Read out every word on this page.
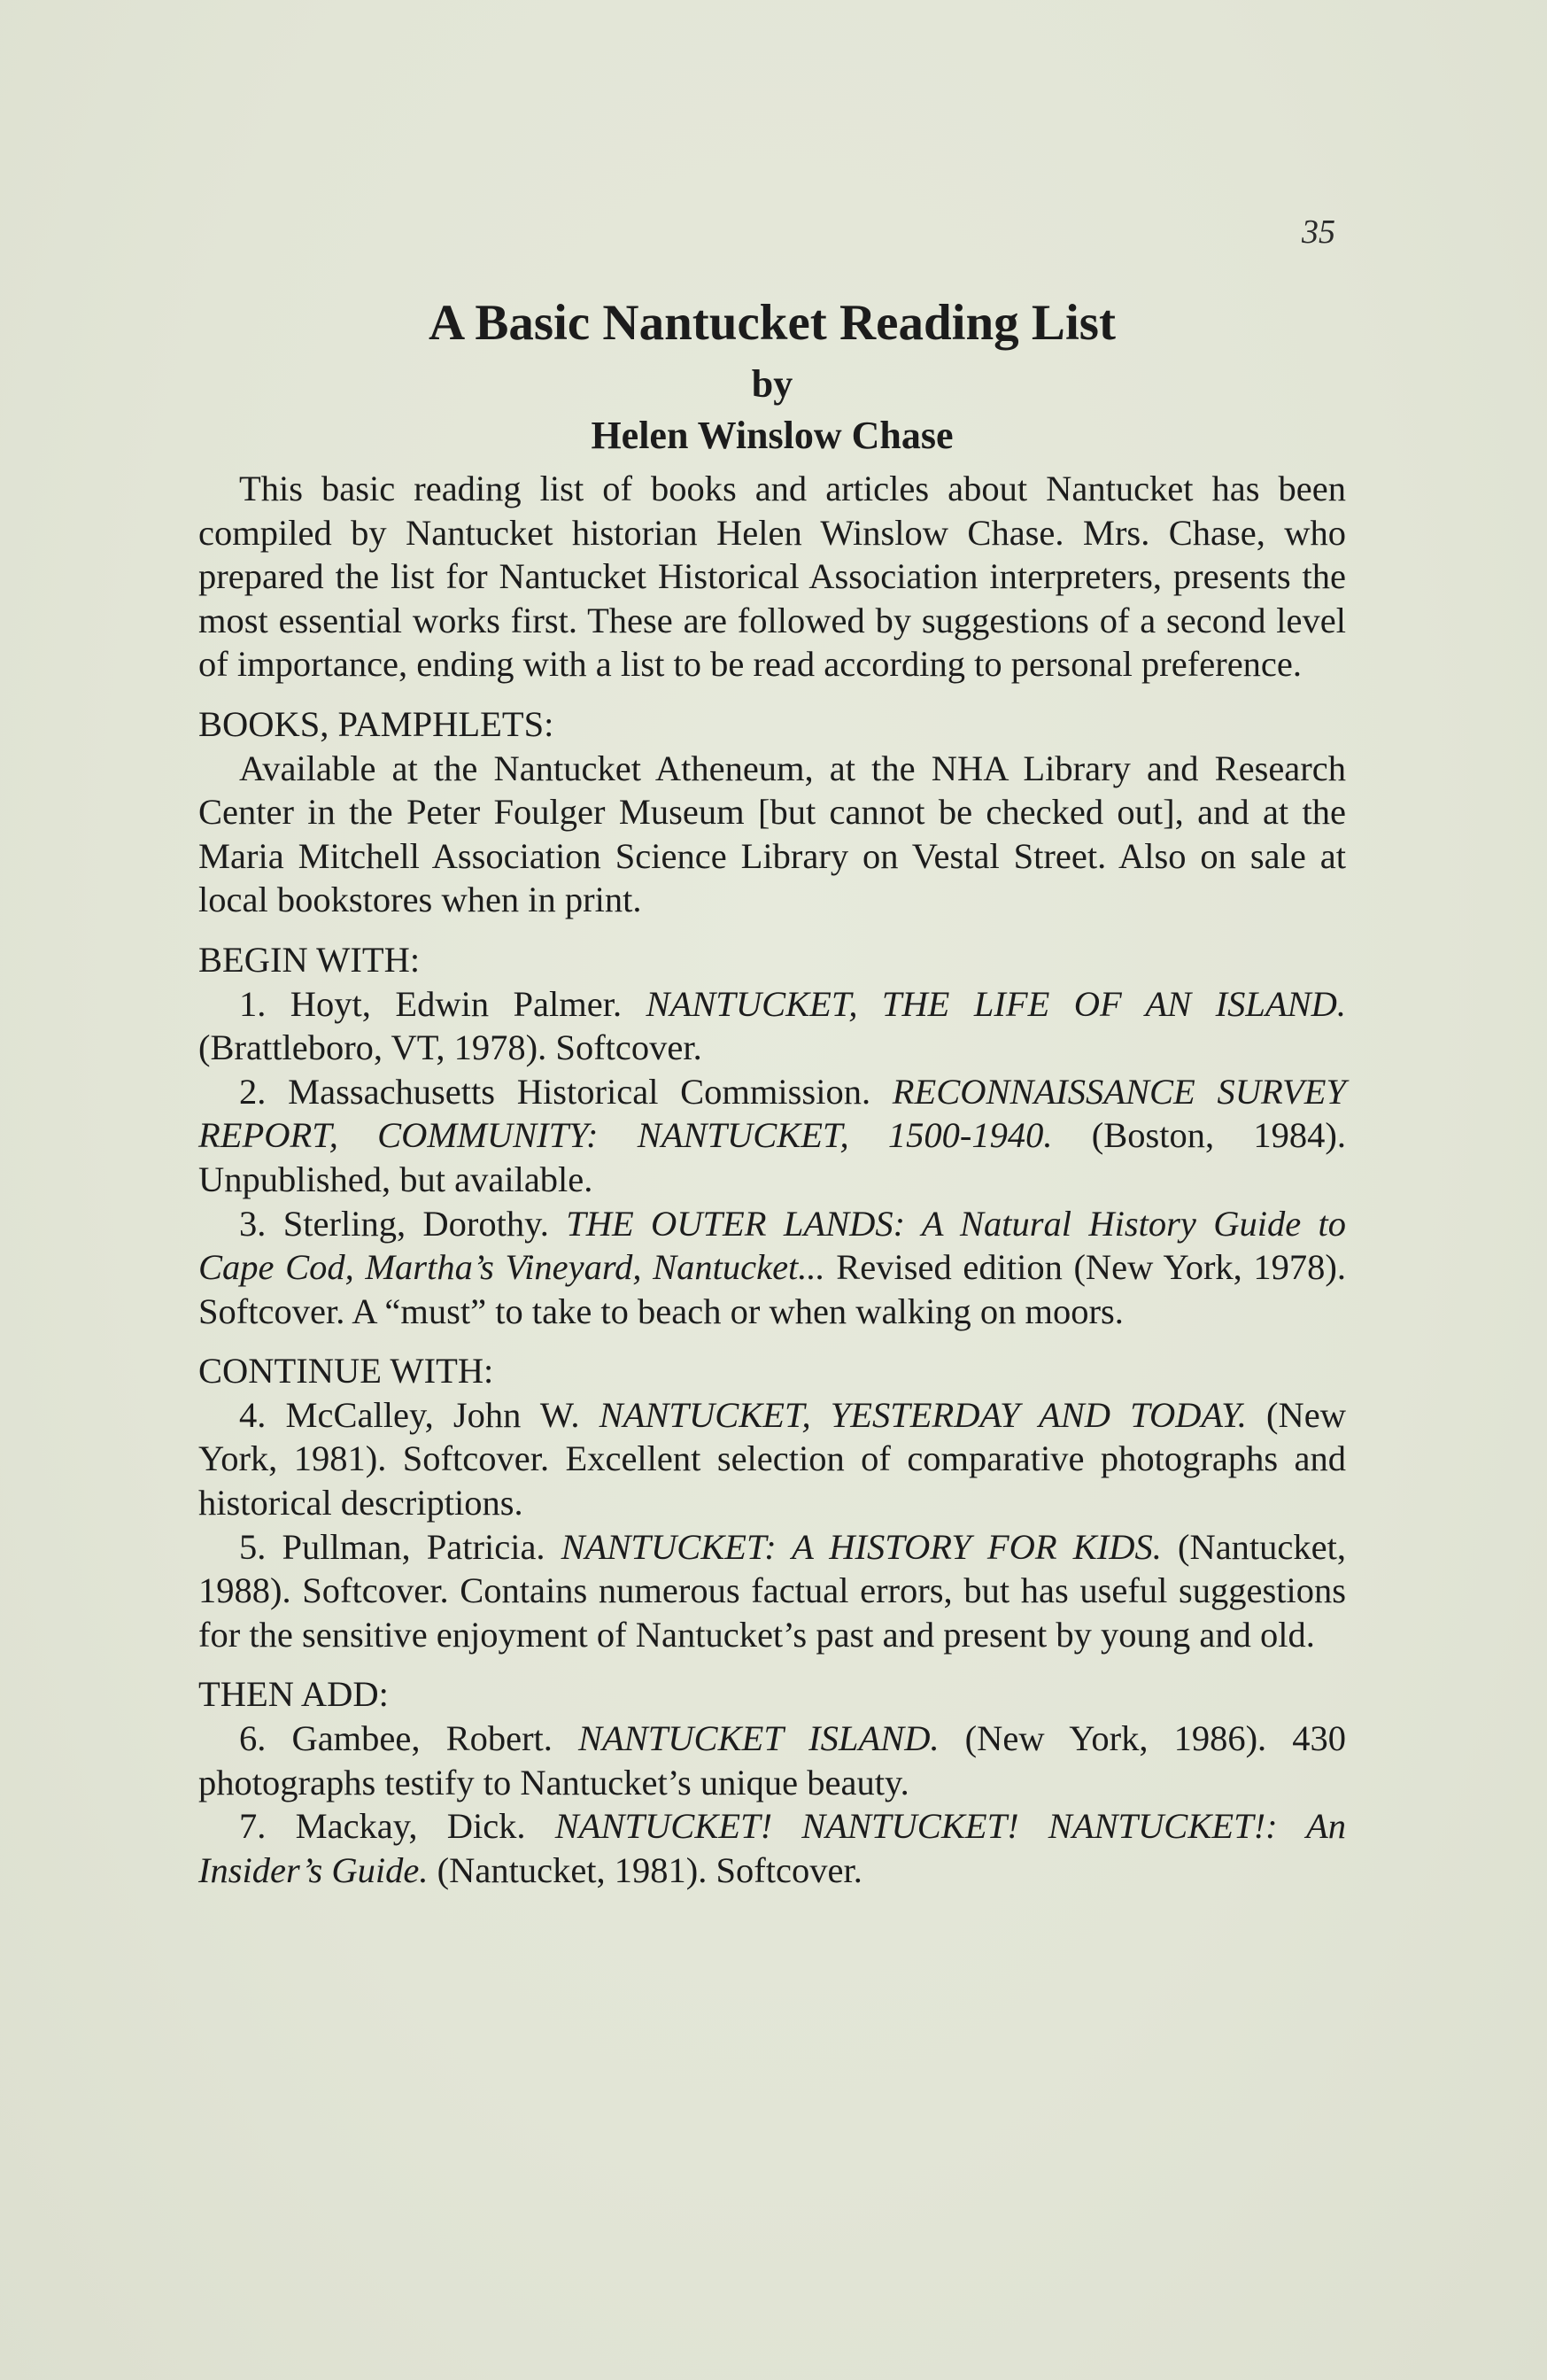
35
A Basic Nantucket Reading List
by
Helen Winslow Chase

This basic reading list of books and articles about Nantucket has been compiled by Nantucket historian Helen Winslow Chase. Mrs. Chase, who prepared the list for Nantucket Historical Association interpreters, presents the most essential works first. These are followed by suggestions of a second level of importance, ending with a list to be read according to personal preference.

BOOKS, PAMPHLETS:

Available at the Nantucket Atheneum, at the NHA Library and Research Center in the Peter Foulger Museum [but cannot be checked out], and at the Maria Mitchell Association Science Library on Vestal Street. Also on sale at local bookstores when in print.

BEGIN WITH:

1. Hoyt, Edwin Palmer. NANTUCKET, THE LIFE OF AN ISLAND. (Brattleboro, VT, 1978). Softcover.

2. Massachusetts Historical Commission. RECONNAISSANCE SURVEY REPORT, COMMUNITY: NANTUCKET, 1500-1940. (Boston, 1984). Unpublished, but available.

3. Sterling, Dorothy. THE OUTER LANDS: A Natural History Guide to Cape Cod, Martha’s Vineyard, Nantucket... Revised edition (New York, 1978). Softcover. A “must” to take to beach or when walking on moors.

CONTINUE WITH:

4. McCalley, John W. NANTUCKET, YESTERDAY AND TODAY. (New York, 1981). Softcover. Excellent selection of comparative photographs and historical descriptions.

5. Pullman, Patricia. NANTUCKET: A HISTORY FOR KIDS. (Nantucket, 1988). Softcover. Contains numerous factual errors, but has useful suggestions for the sensitive enjoyment of Nantucket’s past and present by young and old.

THEN ADD:

6. Gambee, Robert. NANTUCKET ISLAND. (New York, 1986). 430 photographs testify to Nantucket’s unique beauty.

7. Mackay, Dick. NANTUCKET! NANTUCKET! NANTUCKET!: An Insider’s Guide. (Nantucket, 1981). Softcover.
